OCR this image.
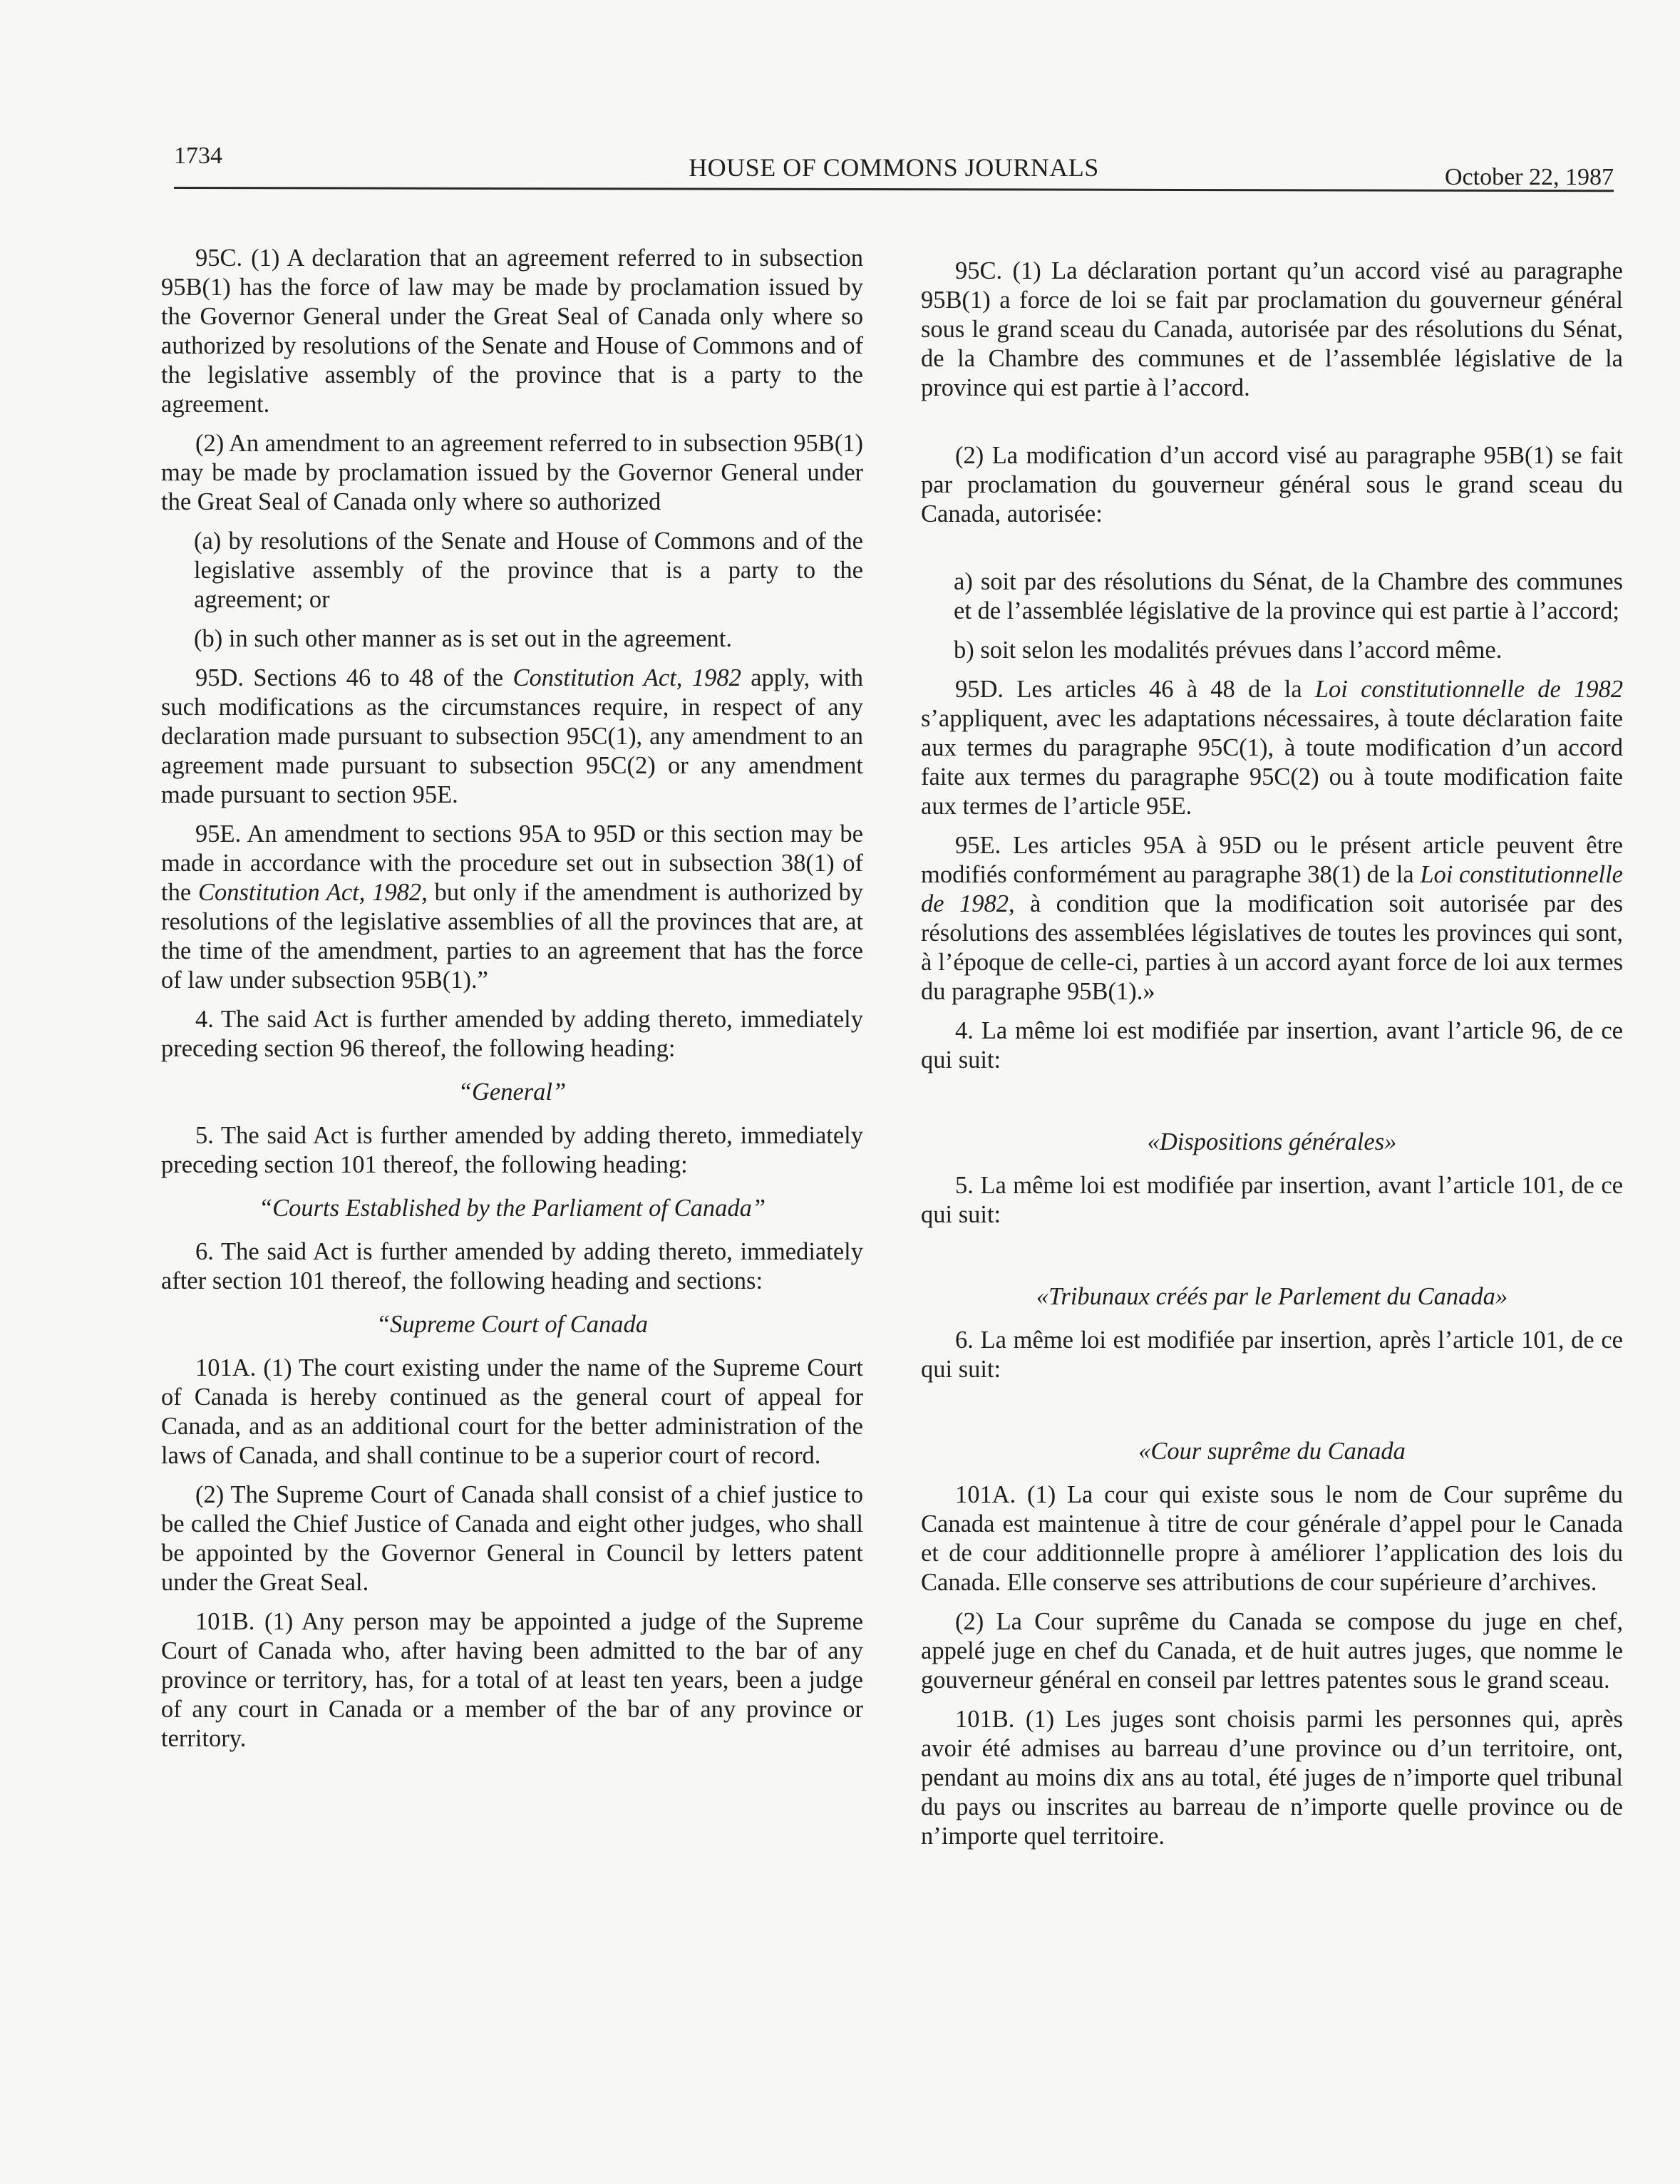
1734	HOUSE OF COMMONS JOURNALS	October 22, 1987

95C. (1) A declaration that an agreement referred to in subsection 95B(1) has the force of law may be made by proclamation issued by the Governor General under the Great Seal of Canada only where so authorized by resolutions of the Senate and House of Commons and of the legislative assembly of the province that is a party to the agreement.

(2) An amendment to an agreement referred to in subsection 95B(1) may be made by proclamation issued by the Governor General under the Great Seal of Canada only where so authorized

(a) by resolutions of the Senate and House of Commons and of the legislative assembly of the province that is a party to the agreement; or

(b) in such other manner as is set out in the agreement.

95D. Sections 46 to 48 of the Constitution Act, 1982 apply, with such modifications as the circumstances require, in respect of any declaration made pursuant to subsection 95C(1), any amendment to an agreement made pursuant to subsection 95C(2) or any amendment made pursuant to section 95E.

95E. An amendment to sections 95A to 95D or this section may be made in accordance with the procedure set out in subsection 38(1) of the Constitution Act, 1982, but only if the amendment is authorized by resolutions of the legislative assemblies of all the provinces that are, at the time of the amendment, parties to an agreement that has the force of law under subsection 95B(1).”

4. The said Act is further amended by adding thereto, immediately preceding section 96 thereof, the following heading:

“General”

5. The said Act is further amended by adding thereto, immediately preceding section 101 thereof, the following heading:

“Courts Established by the Parliament of Canada”

6. The said Act is further amended by adding thereto, immediately after section 101 thereof, the following heading and sections:

“Supreme Court of Canada

101A. (1) The court existing under the name of the Supreme Court of Canada is hereby continued as the general court of appeal for Canada, and as an additional court for the better administration of the laws of Canada, and shall continue to be a superior court of record.

(2) The Supreme Court of Canada shall consist of a chief justice to be called the Chief Justice of Canada and eight other judges, who shall be appointed by the Governor General in Council by letters patent under the Great Seal.

101B. (1) Any person may be appointed a judge of the Supreme Court of Canada who, after having been admitted to the bar of any province or territory, has, for a total of at least ten years, been a judge of any court in Canada or a member of the bar of any province or territory.

95C. (1) La déclaration portant qu’un accord visé au paragraphe 95B(1) a force de loi se fait par proclamation du gouverneur général sous le grand sceau du Canada, autorisée par des résolutions du Sénat, de la Chambre des communes et de l’assemblée législative de la province qui est partie à l’accord.

(2) La modification d’un accord visé au paragraphe 95B(1) se fait par proclamation du gouverneur général sous le grand sceau du Canada, autorisée:

a) soit par des résolutions du Sénat, de la Chambre des communes et de l’assemblée législative de la province qui est partie à l’accord;

b) soit selon les modalités prévues dans l’accord même.

95D. Les articles 46 à 48 de la Loi constitutionnelle de 1982 s’appliquent, avec les adaptations nécessaires, à toute déclaration faite aux termes du paragraphe 95C(1), à toute modification d’un accord faite aux termes du paragraphe 95C(2) ou à toute modification faite aux termes de l’article 95E.

95E. Les articles 95A à 95D ou le présent article peuvent être modifiés conformément au paragraphe 38(1) de la Loi constitutionnelle de 1982, à condition que la modification soit autorisée par des résolutions des assemblées législatives de toutes les provinces qui sont, à l’époque de celle-ci, parties à un accord ayant force de loi aux termes du paragraphe 95B(1).»

4. La même loi est modifiée par insertion, avant l’article 96, de ce qui suit:

«Dispositions générales»

5. La même loi est modifiée par insertion, avant l’article 101, de ce qui suit:

«Tribunaux créés par le Parlement du Canada»

6. La même loi est modifiée par insertion, après l’article 101, de ce qui suit:

«Cour suprême du Canada

101A. (1) La cour qui existe sous le nom de Cour suprême du Canada est maintenue à titre de cour générale d’appel pour le Canada et de cour additionnelle propre à améliorer l’application des lois du Canada. Elle conserve ses attributions de cour supérieure d’archives.

(2) La Cour suprême du Canada se compose du juge en chef, appelé juge en chef du Canada, et de huit autres juges, que nomme le gouverneur général en conseil par lettres patentes sous le grand sceau.

101B. (1) Les juges sont choisis parmi les personnes qui, après avoir été admises au barreau d’une province ou d’un territoire, ont, pendant au moins dix ans au total, été juges de n’importe quel tribunal du pays ou inscrites au barreau de n’importe quelle province ou de n’importe quel territoire.
